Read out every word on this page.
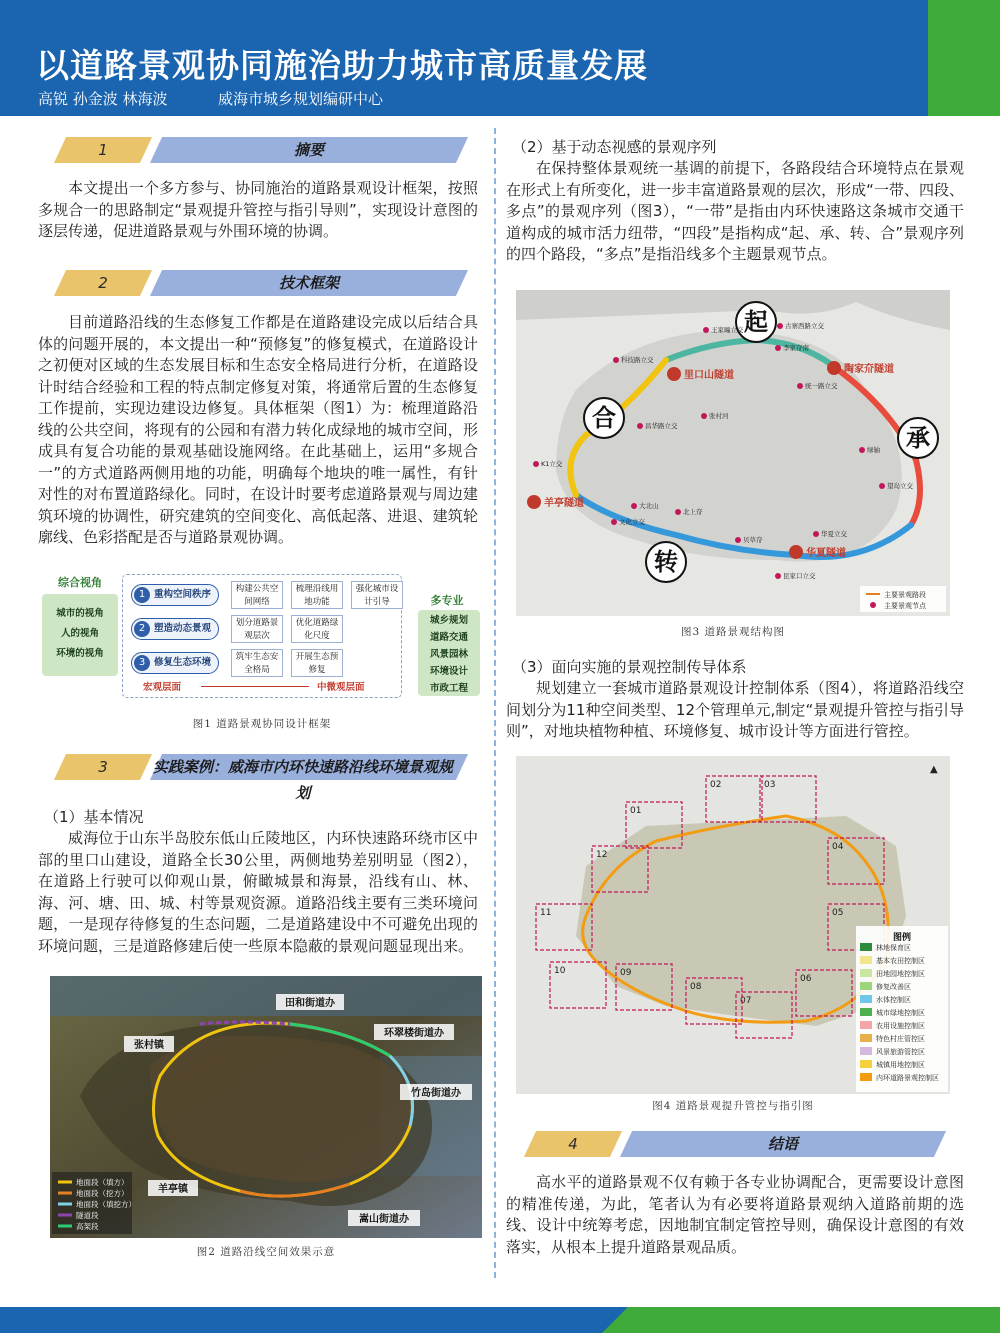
以道路景观协同施治助力城市高质量发展
高锐 孙金波 林海波	威海市城乡规划编研中心
1	摘要

本文提出一个多方参与、协同施治的道路景观设计框架，按照多规合一的思路制定“景观提升管控与指引导则”，实现设计意图的逐层传递，促进道路景观与外围环境的协调。

2	技术框架

目前道路沿线的生态修复工作都是在道路建设完成以后结合具体的问题开展的，本文提出一种“预修复”的修复模式，在道路设计之初便对区域的生态发展目标和生态安全格局进行分析，在道路设计时结合经验和工程的特点制定修复对策，将通常后置的生态修复工作提前，实现边建设边修复。具体框架（图1）为：梳理道路沿线的公共空间，将现有的公园和有潜力转化成绿地的城市空间，形成具有复合功能的景观基础设施网络。在此基础上，运用“多规合一”的方式道路两侧用地的功能，明确每个地块的唯一属性，有针对性的对布置道路绿化。同时，在设计时要考虑道路景观与周边建筑环境的协调性，研究建筑的空间变化、高低起落、进退、建筑轮廓线、色彩搭配是否与道路景观协调。

综合视角
城市的视角
人的视角
环境的视角
1 重构空间秩序	构建公共空间网络
梳理沿线用地功能
强化城市设计引导
2 塑造动态景观	划分道路景观层次
优化道路绿化尺度
3 修复生态环境	筑牢生态安全格局
开展生态预修复
宏观层面	中微观层面
多专业
城乡规划
道路交通
风景园林
环境设计
市政工程
图1 道路景观协同设计框架
3	实践案例：威海市内环快速路沿线环境景观规划
（1）基本情况

威海位于山东半岛胶东低山丘陵地区，内环快速路环绕市区中部的里口山建设，道路全长30公里，两侧地势差别明显（图2），在道路上行驶可以仰观山景，俯瞰城景和海景，沿线有山、林、海、河、塘、田、城、村等景观资源。道路沿线主要有三类环境问题，一是现存待修复的生态问题，二是道路建设中不可避免出现的环境问题，三是道路修建后使一些原本隐蔽的景观问题显现出来。

田和街道办
张村镇
环翠楼街道办
竹岛街道办
羊亭镇
嵩山街道办
地面段（填方）
地面段（挖方）
地面段（填挖方）
隧道段
高架段
图2 道路沿线空间效果示意
（2）基于动态视感的景观序列

在保持整体景观统一基调的前提下，各路段结合环境特点在景观在形式上有所变化，进一步丰富道路景观的层次，形成“一带、四段、多点”的景观序列（图3），“一带”是指由内环快速路这条城市交通干道构成的城市活力纽带，“四段”是指构成“起、承、转、合”景观序列的四个路段，“多点”是指沿线多个主题景观节点。

起
承
转
合
里口山隧道
陶家夼隧道
羊亭隧道
华夏隧道
王家疃立交	古寨西路立交
李家夼南
科技路立交
统一路立交
张村河
昌华路立交
绿轴
K1立交
望岛立交
大北山
文化立交
北上夼
华夏立交
贝草夼
昆家口立交
主要景观路段
主要景观节点
图3 道路景观结构图
（3）面向实施的景观控制传导体系

规划建立一套城市道路景观设计控制体系（图4），将道路沿线空间划分为11种空间类型、12个管理单元,制定“景观提升管控与指引导则”，对地块植物种植、环境修复、城市设计等方面进行管控。

01
02	03
04
05
06
07
08
09
10
11
12
图例
林地保育区
基本农田控制区
田地园地控制区
修复改善区
水体控制区
城市绿地控制区
农用设施控制区
特色村庄管控区
风景旅游管控区
城镇用地控制区
内环道路景观控制区
▲
图4 道路景观提升管控与指引图
4	结语

高水平的道路景观不仅有赖于各专业协调配合，更需要设计意图的精准传递，为此，笔者认为有必要将道路景观纳入道路前期的选线、设计中统筹考虑，因地制宜制定管控导则，确保设计意图的有效落实，从根本上提升道路景观品质。
